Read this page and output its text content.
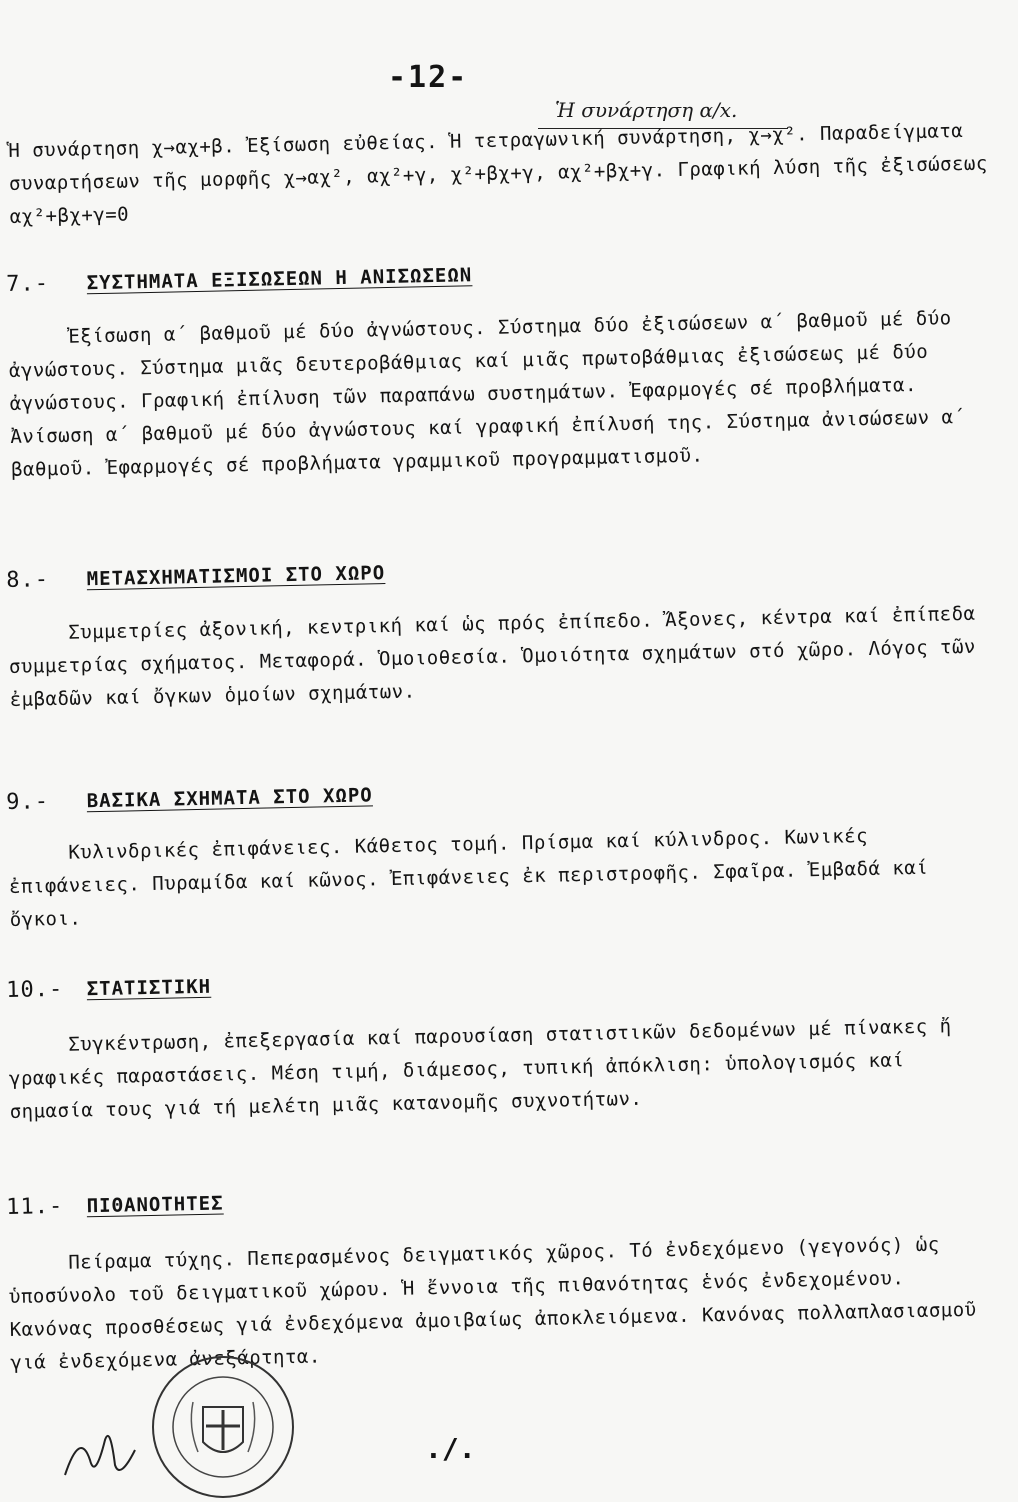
-12-
Ἡ συνάρτηση α/x.
Ἡ συνάρτηση χ→αχ+β. Ἐξίσωση εὐθείας. Ἡ τετραγωνική συνάρτηση, χ→χ². Παραδείγματα συναρτήσεων τῆς μορφῆς χ→αχ², αχ²+γ, χ²+βχ+γ, αχ²+βχ+γ. Γραφική λύση τῆς ἐξισώσεως αχ²+βχ+γ=0
7.- ΣΥΣΤΗΜΑΤΑ ΕΞΙΣΩΣΕΩΝ Η ΑΝΙΣΩΣΕΩΝ
Ἐξίσωση α΄ βαθμοῦ μέ δύο ἀγνώστους. Σύστημα δύο ἐξισώσεων α΄ βαθμοῦ μέ δύο ἀγνώστους. Σύστημα μιᾶς δευτεροβάθμιας καί μιᾶς πρωτοβάθμιας ἐξισώσεως μέ δύο ἀγνώστους. Γραφική ἐπίλυση τῶν παραπάνω συστημάτων. Ἐφαρμογές σέ προβλήματα. Ἀνίσωση α΄ βαθμοῦ μέ δύο ἀγνώστους καί γραφική ἐπίλυσή της. Σύστημα ἀνισώσεων α΄ βαθμοῦ. Ἐφαρμογές σέ προβλήματα γραμμικοῦ προγραμματισμοῦ.
8.- ΜΕΤΑΣΧΗΜΑΤΙΣΜΟΙ ΣΤΟ ΧΩΡΟ
Συμμετρίες ἀξονική, κεντρική καί ὡς πρός ἐπίπεδο. Ἄξονες, κέντρα καί ἐπίπεδα συμμετρίας σχήματος. Μεταφορά. Ὁμοιοθεσία. Ὁμοιότητα σχημάτων στό χῶρο. Λόγος τῶν ἐμβαδῶν καί ὄγκων ὁμοίων σχημάτων.
9.- ΒΑΣΙΚΑ ΣΧΗΜΑΤΑ ΣΤΟ ΧΩΡΟ
Κυλινδρικές ἐπιφάνειες. Κάθετος τομή. Πρίσμα καί κύλινδρος. Κωνικές ἐπιφάνειες. Πυραμίδα καί κῶνος. Ἐπιφάνειες ἐκ περιστροφῆς. Σφαῖρα. Ἐμβαδά καί ὄγκοι.
10.- ΣΤΑΤΙΣΤΙΚΗ
Συγκέντρωση, ἐπεξεργασία καί παρουσίαση στατιστικῶν δεδομένων μέ πίνακες ἤ γραφικές παραστάσεις. Μέση τιμή, διάμεσος, τυπική ἀπόκλιση: ὑπολογισμός καί σημασία τους γιά τή μελέτη μιᾶς κατανομῆς συχνοτήτων.
11.- ΠΙΘΑΝΟΤΗΤΕΣ
Πείραμα τύχης. Πεπερασμένος δειγματικός χῶρος. Τό ἐνδεχόμενο (γεγονός) ὡς ὑποσύνολο τοῦ δειγματικοῦ χώρου. Ἡ ἔννοια τῆς πιθανότητας ἑνός ἐνδεχομένου. Κανόνας προσθέσεως γιά ἐνδεχόμενα ἀμοιβαίως ἀποκλειόμενα. Κανόνας πολλαπλασιασμοῦ γιά ἐνδεχόμενα ἀνεξάρτητα.
./.
